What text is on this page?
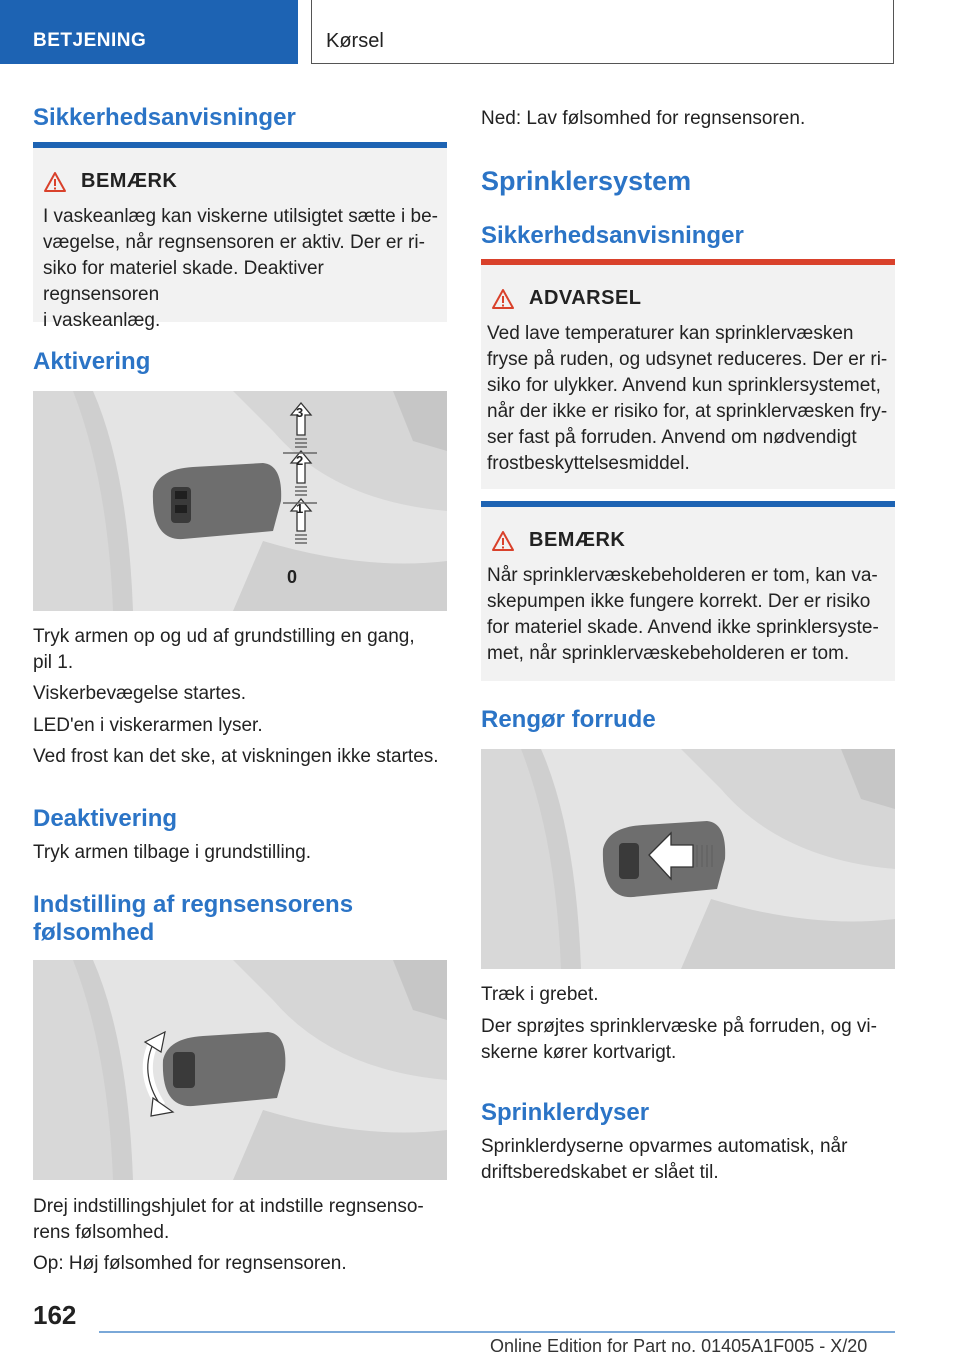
BETJENING	Kørsel
Sikkerhedsanvisninger
BEMÆRK
I vaskeanlæg kan viskerne utilsigtet sætte i be-
vægelse, når regnsensoren er aktiv. Der er ri-
siko for materiel skade. Deaktiver regnsensoren
i vaskeanlæg.
Aktivering
3
2
1
0
Tryk armen op og ud af grundstilling en gang,
pil 1.
Viskerbevægelse startes.
LED'en i viskerarmen lyser.
Ved frost kan det ske, at viskningen ikke startes.
Deaktivering
Tryk armen tilbage i grundstilling.
Indstilling af regnsensorens
følsomhed
Drej indstillingshjulet for at indstille regnsenso-
rens følsomhed.
Op: Høj følsomhed for regnsensoren.
Ned: Lav følsomhed for regnsensoren.
Sprinklersystem
Sikkerhedsanvisninger
ADVARSEL
Ved lave temperaturer kan sprinklervæsken
fryse på ruden, og udsynet reduceres. Der er ri-
siko for ulykker. Anvend kun sprinklersystemet,
når der ikke er risiko for, at sprinklervæsken fry-
ser fast på forruden. Anvend om nødvendigt
frostbeskyttelsesmiddel.
BEMÆRK
Når sprinklervæskebeholderen er tom, kan va-
skepumpen ikke fungere korrekt. Der er risiko
for materiel skade. Anvend ikke sprinklersyste-
met, når sprinklervæskebeholderen er tom.
Rengør forrude
Træk i grebet.
Der sprøjtes sprinklervæske på forruden, og vi-
skerne kører kortvarigt.
Sprinklerdyser
Sprinklerdyserne opvarmes automatisk, når
driftsberedskabet er slået til.
162
Online Edition for Part no. 01405A1F005 - X/20
